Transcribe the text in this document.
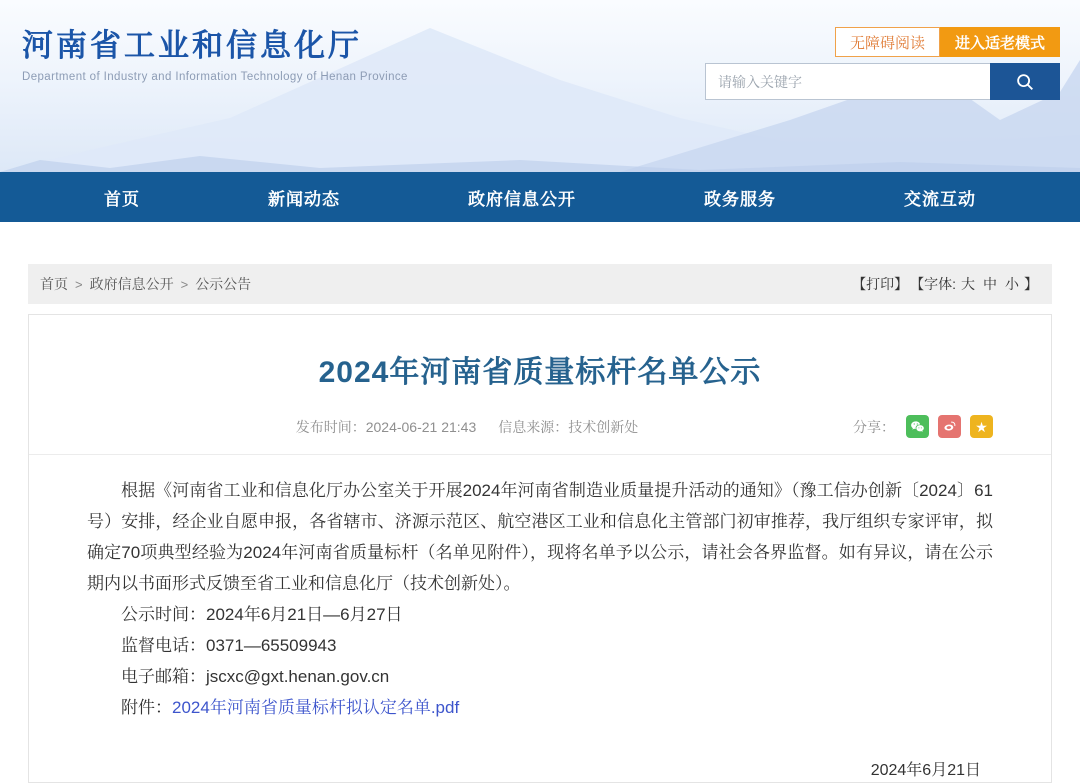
河南省工业和信息化厅
Department of Industry and Information Technology of Henan Province
无障碍阅读	进入适老模式
请输入关键字
首页	新闻动态	政府信息公开	政务服务	交流互动
首页 > 政府信息公开 > 公示公告	【打印】 【字体: 大 中 小 】
2024年河南省质量标杆名单公示
发布时间：2024-06-21 21:43 信息来源：技术创新处	分享：	★

根据《河南省工业和信息化厅办公室关于开展2024年河南省制造业质量提升活动的通知》（豫工信办创新〔2024〕61号）安排，经企业自愿申报，各省辖市、济源示范区、航空港区工业和信息化主管部门初审推荐，我厅组织专家评审，拟确定70项典型经验为2024年河南省质量标杆（名单见附件），现将名单予以公示，请社会各界监督。如有异议，请在公示期内以书面形式反馈至省工业和信息化厅（技术创新处）。

公示时间：2024年6月21日—6月27日

监督电话：0371—65509943

电子邮箱：jscxc@gxt.henan.gov.cn

附件：2024年河南省质量标杆拟认定名单.pdf

2024年6月21日
